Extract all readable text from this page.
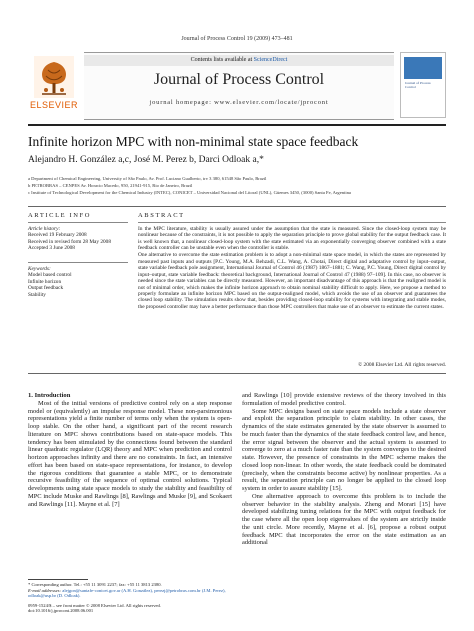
Journal of Process Control 19 (2009) 473–481
ELSEVIER
Contents lists available at ScienceDirect
Journal of Process Control
journal homepage: www.elsevier.com/locate/jprocont
Journal of Process Control
Infinite horizon MPC with non-minimal state space feedback
Alejandro H. González a,c, José M. Perez b, Darci Odloak a,*
a Department of Chemical Engineering, University of São Paulo, Av. Prof. Luciano Gualberto, trv 3 380, 61548 São Paulo, Brazil
b PETROBRAS – CENPES Av. Horacio Macedo, 950, 21941-915, Rio de Janeiro, Brazil
c Institute of Technological Development for the Chemical Industry (INTEC), CONICET – Universidad Nacional del Litoral (UNL), Güemes 3450, (3000) Santa Fe, Argentina
ARTICLE INFO
Article history:
Received 19 February 2008
Received in revised form 28 May 2008
Accepted 3 June 2008
Keywords:
Model based control
Infinite horizon
Output feedback
Stability
ABSTRACT

In the MPC literature, stability is usually assured under the assumption that the state is measured. Since the closed-loop system may be nonlinear because of the constraints, it is not possible to apply the separation principle to prove global stability for the output feedback case. It is well known that, a nonlinear closed-loop system with the state estimated via an exponentially converging observer combined with a state feedback controller can be unstable even when the controller is stable.

One alternative to overcome the state estimation problem is to adopt a non-minimal state space model, in which the states are represented by measured past inputs and outputs [P.C. Young, M.A. Behzadi, C.L. Wang, A. Chotai, Direct digital and adaptative control by input–output, state variable feedback pole assignment, International Journal of Control 46 (1987) 1867–1881; C. Wang, P.C. Young, Direct digital control by input–output, state variable feedback: theoretical background, International Journal of Control 47 (1988) 97–109]. In this case, no observer is needed since the state variables can be directly measured. However, an important disadvantage of this approach is that the realigned model is not of minimal order, which makes the infinite horizon approach to obtain nominal stability difficult to apply. Here, we propose a method to properly formulate an infinite horizon MPC based on the output-realigned model, which avoids the use of an observer and guarantees the closed loop stability. The simulation results show that, besides providing closed-loop stability for systems with integrating and stable modes, the proposed controller may have a better performance than those MPC controllers that make use of an observer to estimate the current states.

© 2008 Elsevier Ltd. All rights reserved.

1. Introduction

Most of the initial versions of predictive control rely on a step response model or (equivalently) an impulse response model. These non-parsimonious representations yield a finite number of terms only when the system is open-loop stable. On the other hand, a significant part of the recent research literature on MPC shows contributions based on state-space models. This tendency has been stimulated by the connections found between the standard linear quadratic regulator (LQR) theory and MPC when prediction and control horizon approaches infinity and there are no constraints. In fact, an intensive effort has been based on state-space representations, for instance, to develop the rigorous conditions that guarantee a stable MPC, or to demonstrate recursive feasibility of the sequence of optimal control solutions. Typical developments using state space models to study the stability and feasibility of MPC include Muske and Rawlings [8], Rawlings and Muske [9], and Scokaert and Rawlings [11]. Mayne et al. [7]

and Rawlings [10] provide extensive reviews of the theory involved in this formulation of model predictive control.

Some MPC designs based on state space models include a state observer and exploit the separation principle to claim stability. In other cases, the dynamics of the state estimates generated by the state observer is assumed to be much faster than the dynamics of the state feedback control law, and hence, the error signal between the observer and the actual system is assumed to converge to zero at a much faster rate than the system converges to the desired state. However, the presence of constraints in the MPC scheme makes the closed loop non-linear. In other words, the state feedback could be dominated (precisely, when the constraints become active) by nonlinear properties. As a result, the separation principle can no longer be applied to the closed loop system in order to assure stability [15].

One alternative approach to overcome this problem is to include the observer behavior in the stability analysis. Zheng and Morari [15] have developed stabilizing tuning relations for the MPC with output feedback for the case where all the open loop eigenvalues of the system are strictly inside the unit circle. More recently, Mayne et al. [6], propose a robust output feedback MPC that incorporates the error on the state estimation as an additional

* Corresponding author. Tel.: +55 11 3091 2237; fax: +55 11 3813 2380.

E-mail addresses: alejgon@santafe-conicet.gov.ar (A.H. González), perezj@petrobras.com.br (J.M. Perez), odloak@usp.br (D. Odloak).

0959-1524/$ – see front matter © 2008 Elsevier Ltd. All rights reserved.

doi:10.1016/j.jprocont.2008.06.001
